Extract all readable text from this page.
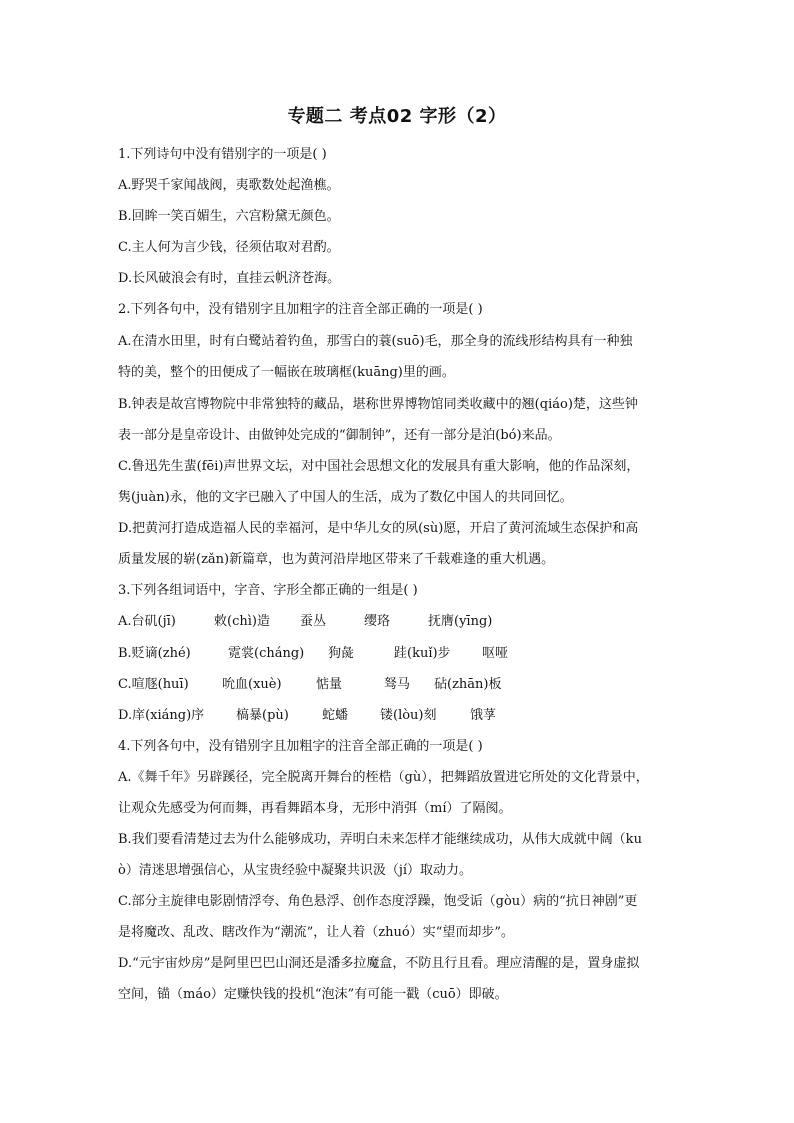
专题二 考点02 字形（2）
1.下列诗句中没有错别字的一项是( )
A.野哭千家闻战阀，夷歌数处起渔樵。
B.回眸一笑百媚生，六宫粉黛无颜色。
C.主人何为言少钱，径须估取对君酌。
D.长风破浪会有时，直挂云帆济苍海。
2.下列各句中，没有错别字且加粗字的注音全部正确的一项是( )
A.在清水田里，时有白鹭站着钓鱼，那雪白的蓑(suō)毛，那全身的流线形结构具有一种独
特的美，整个的田便成了一幅嵌在玻璃框(kuāng)里的画。
B.钟表是故宫博物院中非常独特的藏品，堪称世界博物馆同类收藏中的翘(qiáo)楚，这些钟
表一部分是皇帝设计、由做钟处完成的“御制钟”，还有一部分是泊(bó)来品。
C.鲁迅先生蜚(fēi)声世界文坛，对中国社会思想文化的发展具有重大影响，他的作品深刻，
隽(juàn)永，他的文字已融入了中国人的生活，成为了数亿中国人的共同回忆。
D.把黄河打造成造福人民的幸福河，是中华儿女的夙(sù)愿，开启了黄河流域生态保护和高
质量发展的崭(zǎn)新篇章，也为黄河沿岸地区带来了千载难逢的重大机遇。
3.下列各组词语中，字音、字形全都正确的一组是( )
A.台矶(jī)	敕(chì)造 蚕丛	缨珞	抚膺(yīng)
B.贬谪(zhé)	霓裳(cháng) 狗彘	跬(kuǐ)步 呕哑
C.喧豗(huī)	吮血(xuè)	惦量	驽马 砧(zhān)板
D.庠(xiáng)序 槁暴(pù)	蛇蟠 镂(lòu)刻	饿莩
4.下列各句中，没有错别字且加粗字的注音全部正确的一项是( )
A.《舞千年》另辟蹊径，完全脱离开舞台的桎梏（gù），把舞蹈放置进它所处的文化背景中，
让观众先感受为何而舞，再看舞蹈本身，无形中消弭（mí）了隔阂。
B.我们要看清楚过去为什么能够成功，弄明白未来怎样才能继续成功，从伟大成就中阔（ku
ò）清迷思增强信心，从宝贵经验中凝聚共识汲（jí）取动力。
C.部分主旋律电影剧情浮夸、角色悬浮、创作态度浮躁，饱受诟（gòu）病的“抗日神剧”更
是将魔改、乱改、瞎改作为“潮流”，让人着（zhuó）实“望而却步”。
D.“元宇宙炒房”是阿里巴巴山洞还是潘多拉魔盒，不防且行且看。理应清醒的是，置身虚拟
空间，锚（máo）定赚快钱的投机“泡沫”有可能一戳（cuō）即破。
